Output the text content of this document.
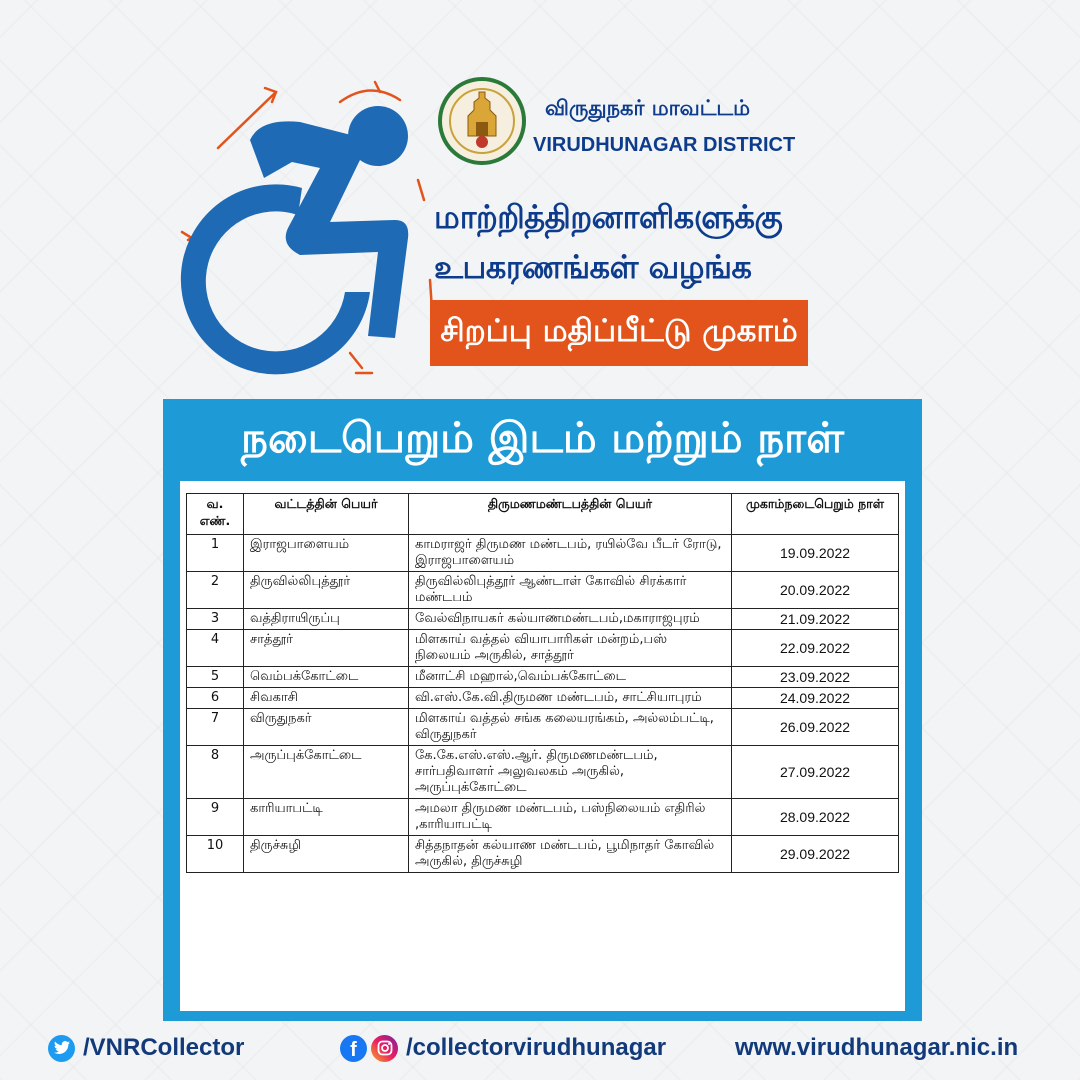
விருதுநகர் மாவட்டம்
VIRUDHUNAGAR DISTRICT
மாற்றித்திறனாளிகளுக்கு
உபகரணங்கள் வழங்க
சிறப்பு மதிப்பீட்டு முகாம்
நடைபெறும் இடம் மற்றும் நாள்
வ. எண்.	வட்டத்தின் பெயர்	திருமணமண்டபத்தின் பெயர்	முகாம்நடைபெறும் நாள்
1	இராஜபாளையம்	காமராஜர் திருமண மண்டபம், ரயில்வே பீடர் ரோடு, இராஜபாளையம்	19.09.2022
2	திருவில்லிபுத்தூர்	திருவில்லிபுத்தூர் ஆண்டாள் கோவில் சிரக்கார் மண்டபம்	20.09.2022
3	வத்திராயிருப்பு	வேல்விநாயகர் கல்யாணமண்டபம்,மகாராஜபுரம்	21.09.2022
4	சாத்தூர்	மிளகாய் வத்தல் வியாபாரிகள் மன்றம்,பஸ் நிலையம் அருகில், சாத்தூர்	22.09.2022
5	வெம்பக்கோட்டை	மீனாட்சி மஹால்,வெம்பக்கோட்டை	23.09.2022
6	சிவகாசி	வி.எஸ்.கே.வி.திருமண மண்டபம், சாட்சியாபுரம்	24.09.2022
7	விருதுநகர்	மிளகாய் வத்தல் சங்க கலையரங்கம், அல்லம்பட்டி, விருதுநகர்	26.09.2022
8	அருப்புக்கோட்டை	கே.கே.எஸ்.எஸ்.ஆர். திருமணமண்டபம், சார்பதிவாளர் அலுவலகம் அருகில், அருப்புக்கோட்டை	27.09.2022
9	காரியாபட்டி	அமலா திருமண மண்டபம், பஸ்நிலையம் எதிரில் ,காரியாபட்டி	28.09.2022
10	திருச்சுழி	சித்தநாதன் கல்யாண மண்டபம், பூமிநாதர் கோவில் அருகில், திருச்சுழி	29.09.2022
/VNRCollector	f /collectorvirudhunagar	www.virudhunagar.nic.in
